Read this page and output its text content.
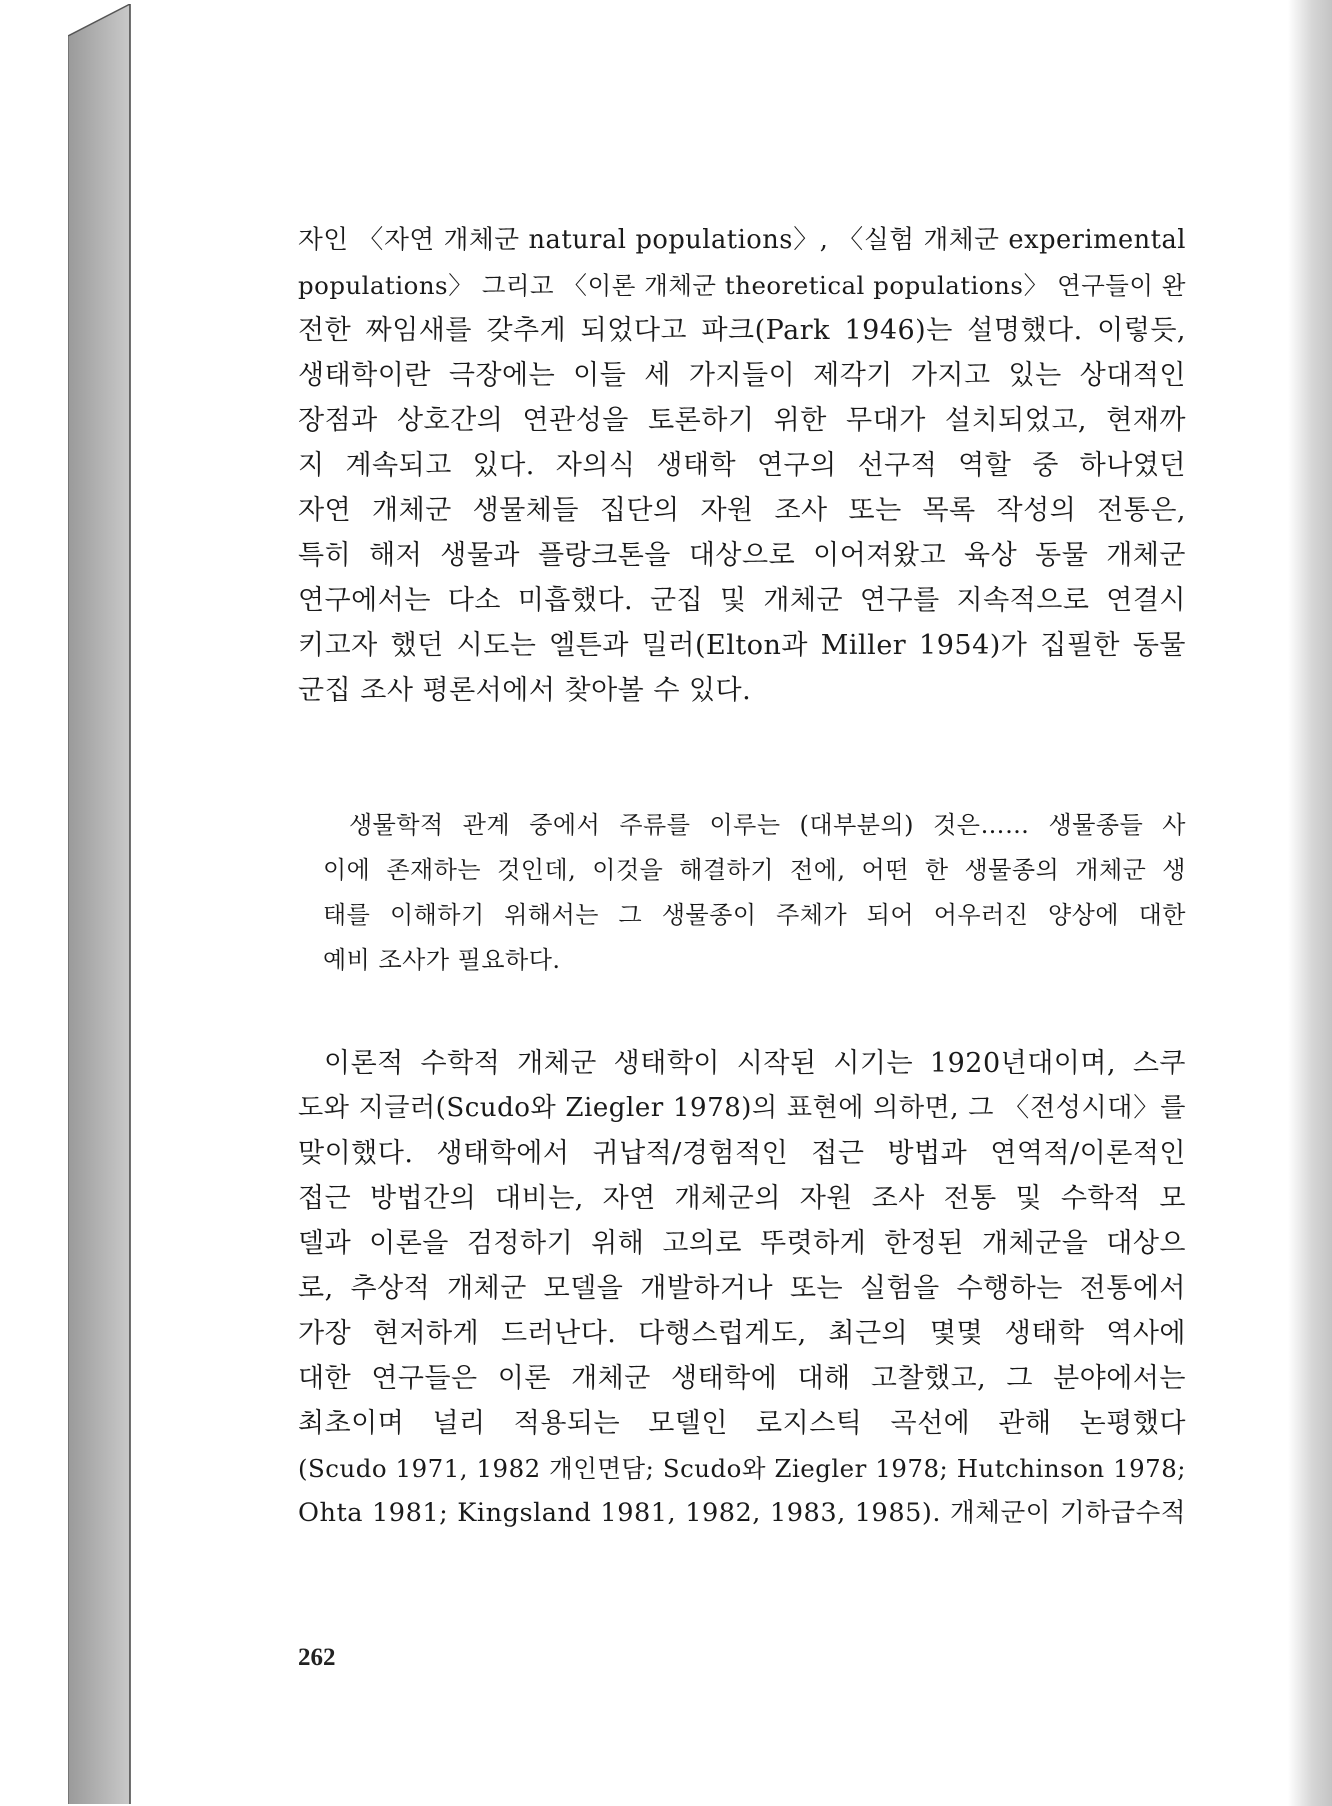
자인 〈자연 개체군 natural populations〉, 〈실험 개체군 experimental
populations〉 그리고 〈이론 개체군 theoretical populations〉 연구들이 완
전한 짜임새를 갖추게 되었다고 파크(Park 1946)는 설명했다. 이렇듯,
생태학이란 극장에는 이들 세 가지들이 제각기 가지고 있는 상대적인
장점과 상호간의 연관성을 토론하기 위한 무대가 설치되었고, 현재까
지 계속되고 있다. 자의식 생태학 연구의 선구적 역할 중 하나였던
자연 개체군 생물체들 집단의 자원 조사 또는 목록 작성의 전통은,
특히 해저 생물과 플랑크톤을 대상으로 이어져왔고 육상 동물 개체군
연구에서는 다소 미흡했다. 군집 및 개체군 연구를 지속적으로 연결시
키고자 했던 시도는 엘튼과 밀러(Elton과 Miller 1954)가 집필한 동물
군집 조사 평론서에서 찾아볼 수 있다.
생물학적 관계 중에서 주류를 이루는 (대부분의) 것은…… 생물종들 사
이에 존재하는 것인데, 이것을 해결하기 전에, 어떤 한 생물종의 개체군 생
태를 이해하기 위해서는 그 생물종이 주체가 되어 어우러진 양상에 대한
예비 조사가 필요하다.
이론적 수학적 개체군 생태학이 시작된 시기는 1920년대이며, 스쿠
도와 지글러(Scudo와 Ziegler 1978)의 표현에 의하면, 그 〈전성시대〉를
맞이했다. 생태학에서 귀납적/경험적인 접근 방법과 연역적/이론적인
접근 방법간의 대비는, 자연 개체군의 자원 조사 전통 및 수학적 모
델과 이론을 검정하기 위해 고의로 뚜렷하게 한정된 개체군을 대상으
로, 추상적 개체군 모델을 개발하거나 또는 실험을 수행하는 전통에서
가장 현저하게 드러난다. 다행스럽게도, 최근의 몇몇 생태학 역사에
대한 연구들은 이론 개체군 생태학에 대해 고찰했고, 그 분야에서는
최초이며 널리 적용되는 모델인 로지스틱 곡선에 관해 논평했다
(Scudo 1971, 1982 개인면담; Scudo와 Ziegler 1978; Hutchinson 1978;
Ohta 1981; Kingsland 1981, 1982, 1983, 1985). 개체군이 기하급수적
262
